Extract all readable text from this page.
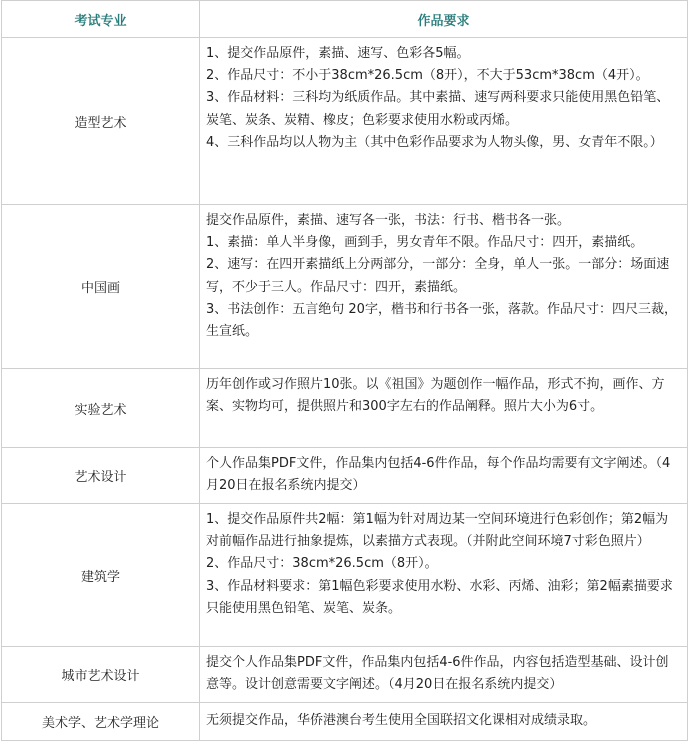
考试专业	作品要求
造型艺术	1、提交作品原件，素描、速写、色彩各5幅。
2、作品尺寸：不小于38cm*26.5cm（8开），不大于53cm*38cm（4开）。
3、作品材料：三科均为纸质作品。其中素描、速写两科要求只能使用黑色铅笔、炭笔、炭条、炭精、橡皮；色彩要求使用水粉或丙烯。
4、三科作品均以人物为主（其中色彩作品要求为人物头像，男、女青年不限。）

中国画	提交作品原件，素描、速写各一张，书法：行书、楷书各一张。
1、素描：单人半身像，画到手，男女青年不限。作品尺寸：四开，素描纸。
2、速写：在四开素描纸上分两部分，一部分：全身，单人一张。一部分：场面速写，不少于三人。作品尺寸：四开，素描纸。
3、书法创作：五言绝句 20字，楷书和行书各一张，落款。作品尺寸：四尺三裁，生宣纸。

实验艺术	历年创作或习作照片10张。以《祖国》为题创作一幅作品，形式不拘，画作、方案、实物均可，提供照片和300字左右的作品阐释。照片大小为6寸。

艺术设计	个人作品集PDF文件，作品集内包括4-6件作品，每个作品均需要有文字阐述。（4月20日在报名系统内提交）

建筑学	1、提交作品原件共2幅：第1幅为针对周边某一空间环境进行色彩创作；第2幅为对前幅作品进行抽象提炼，以素描方式表现。（并附此空间环境7寸彩色照片）
2、作品尺寸：38cm*26.5cm（8开）。
3、作品材料要求：第1幅色彩要求使用水粉、水彩、丙烯、油彩；第2幅素描要求只能使用黑色铅笔、炭笔、炭条。

城市艺术设计	提交个人作品集PDF文件，作品集内包括4-6件作品，内容包括造型基础、设计创意等。设计创意需要文字阐述。（4月20日在报名系统内提交）

美术学、艺术学理论	无须提交作品，华侨港澳台考生使用全国联招文化课相对成绩录取。
